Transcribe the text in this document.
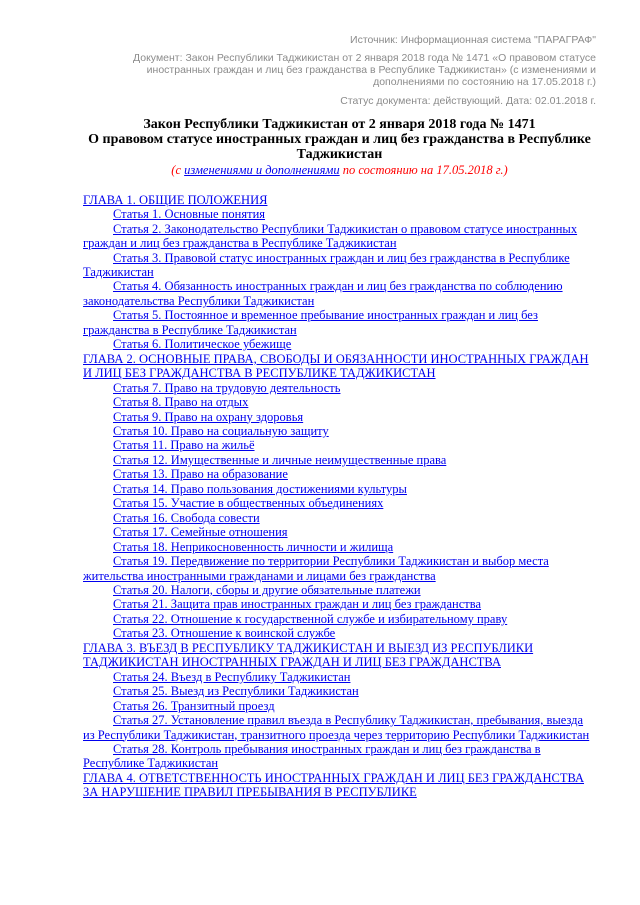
Источник: Информационная система "ПАРАГРАФ"

Документ: Закон Республики Таджикистан от 2 января 2018 года № 1471 «О правовом статусе иностранных граждан и лиц без гражданства в Республике Таджикистан» (с изменениями и дополнениями по состоянию на 17.05.2018 г.)

Статус документа: действующий. Дата: 02.01.2018 г.

Закон Республики Таджикистан от 2 января 2018 года № 1471
О правовом статусе иностранных граждан и лиц без гражданства в Республике Таджикистан

(с изменениями и дополнениями по состоянию на 17.05.2018 г.)

ГЛАВА 1. ОБЩИЕ ПОЛОЖЕНИЯ

Статья 1. Основные понятия

Статья 2. Законодательство Республики Таджикистан о правовом статусе иностранных граждан и лиц без гражданства в Республике Таджикистан

Статья 3. Правовой статус иностранных граждан и лиц без гражданства в Республике Таджикистан

Статья 4. Обязанность иностранных граждан и лиц без гражданства по соблюдению законодательства Республики Таджикистан

Статья 5. Постоянное и временное пребывание иностранных граждан и лиц без гражданства в Республике Таджикистан

Статья 6. Политическое убежище

ГЛАВА 2. ОСНОВНЫЕ ПРАВА, СВОБОДЫ И ОБЯЗАННОСТИ ИНОСТРАННЫХ ГРАЖДАН И ЛИЦ БЕЗ ГРАЖДАНСТВА В РЕСПУБЛИКЕ ТАДЖИКИСТАН

Статья 7. Право на трудовую деятельность

Статья 8. Право на отдых

Статья 9. Право на охрану здоровья

Статья 10. Право на социальную защиту

Статья 11. Право на жильё

Статья 12. Имущественные и личные неимущественные права

Статья 13. Право на образование

Статья 14. Право пользования достижениями культуры

Статья 15. Участие в общественных объединениях

Статья 16. Свобода совести

Статья 17. Семейные отношения

Статья 18. Неприкосновенность личности и жилища

Статья 19. Передвижение по территории Республики Таджикистан и выбор места жительства иностранными гражданами и лицами без гражданства

Статья 20. Налоги, сборы и другие обязательные платежи

Статья 21. Защита прав иностранных граждан и лиц без гражданства

Статья 22. Отношение к государственной службе и избирательному праву

Статья 23. Отношение к воинской службе

ГЛАВА 3. ВЪЕЗД В РЕСПУБЛИКУ ТАДЖИКИСТАН И ВЫЕЗД ИЗ РЕСПУБЛИКИ ТАДЖИКИСТАН ИНОСТРАННЫХ ГРАЖДАН И ЛИЦ БЕЗ ГРАЖДАНСТВА

Статья 24. Въезд в Республику Таджикистан

Статья 25. Выезд из Республики Таджикистан

Статья 26. Транзитный проезд

Статья 27. Установление правил въезда в Республику Таджикистан, пребывания, выезда из Республики Таджикистан, транзитного проезда через территорию Республики Таджикистан

Статья 28. Контроль пребывания иностранных граждан и лиц без гражданства в Республике Таджикистан

ГЛАВА 4. ОТВЕТСТВЕННОСТЬ ИНОСТРАННЫХ ГРАЖДАН И ЛИЦ БЕЗ ГРАЖДАНСТВА ЗА НАРУШЕНИЕ ПРАВИЛ ПРЕБЫВАНИЯ В РЕСПУБЛИКЕ
